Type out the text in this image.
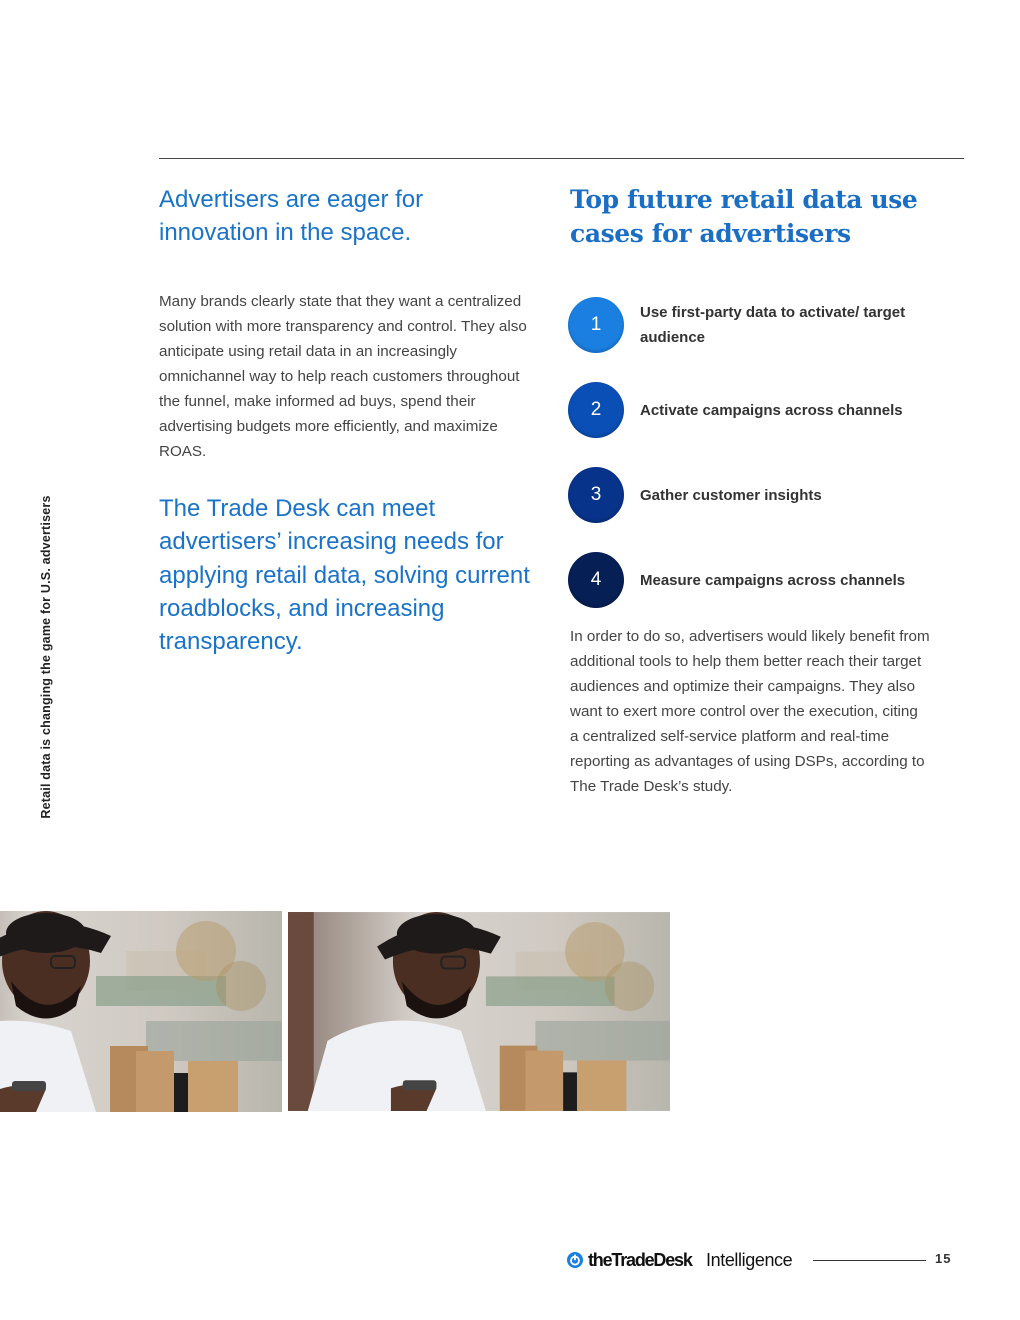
Retail data is changing the game for U.S. advertisers
Advertisers are eager for innovation in the space.

Many brands clearly state that they want a centralized solution with more transparency and control. They also anticipate using retail data in an increasingly omnichannel way to help reach customers throughout the funnel, make informed ad buys, spend their advertising budgets more efficiently, and maximize ROAS.

The Trade Desk can meet advertisers’ increasing needs for applying retail data, solving current roadblocks, and increasing transparency.

Top future retail data use cases for advertisers
1
Use first-party data to activate/ target audience
2	Activate campaigns across channels
3	Gather customer insights
4	Measure campaigns across channels

In order to do so, advertisers would likely benefit from additional tools to help them better reach their target audiences and optimize their campaigns. They also want to exert more control over the execution, citing a centralized self-service platform and real-time reporting as advantages of using DSPs, according to The Trade Desk’s study.

theTradeDesk Intelligence	15
